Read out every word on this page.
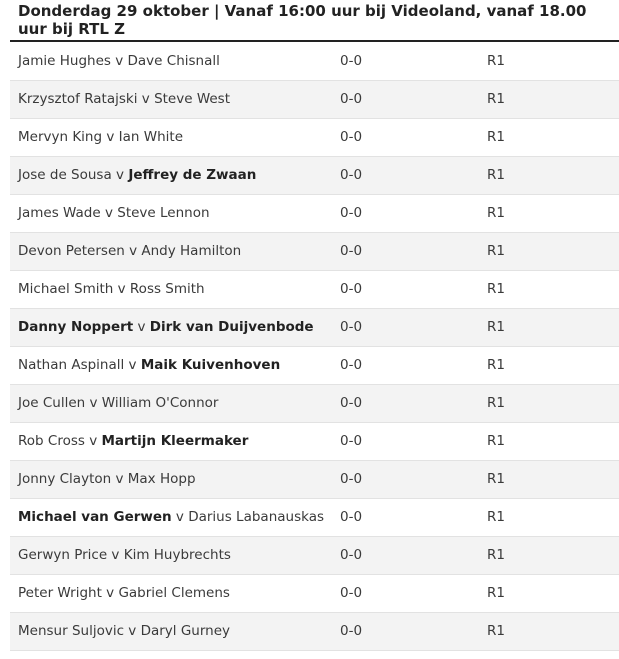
Donderdag 29 oktober | Vanaf 16:00 uur bij Videoland, vanaf 18.00 uur bij RTL Z
Jamie Hughes v Dave Chisnall	0-0	R1
Krzysztof Ratajski v Steve West	0-0	R1
Mervyn King v Ian White	0-0	R1
Jose de Sousa v Jeffrey de Zwaan	0-0	R1
James Wade v Steve Lennon	0-0	R1
Devon Petersen v Andy Hamilton	0-0	R1
Michael Smith v Ross Smith	0-0	R1
Danny Noppert v Dirk van Duijvenbode	0-0	R1
Nathan Aspinall v Maik Kuivenhoven	0-0	R1
Joe Cullen v William O'Connor	0-0	R1
Rob Cross v Martijn Kleermaker	0-0	R1
Jonny Clayton v Max Hopp	0-0	R1
Michael van Gerwen v Darius Labanauskas	0-0	R1
Gerwyn Price v Kim Huybrechts	0-0	R1
Peter Wright v Gabriel Clemens	0-0	R1
Mensur Suljovic v Daryl Gurney	0-0	R1
